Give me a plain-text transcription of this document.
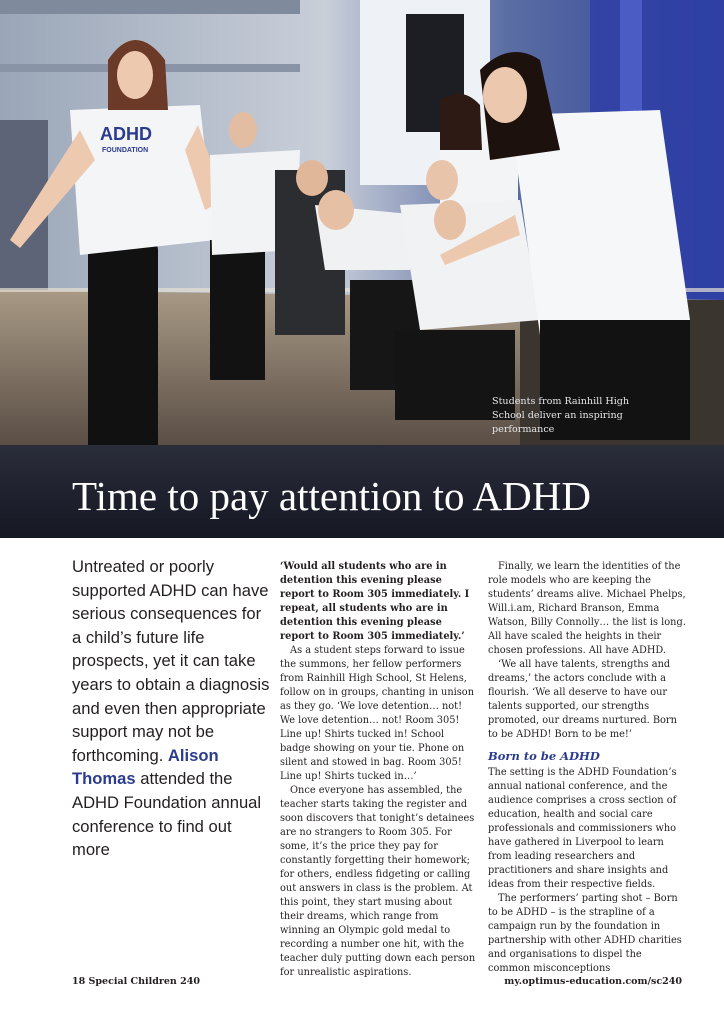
ADHD
FOUNDATION
Students from Rainhill High School deliver an inspiring performance
Time to pay attention to ADHD
Untreated or poorly supported ADHD can have serious consequences for a child’s future life prospects, yet it can take years to obtain a diagnosis and even then appropriate support may not be forthcoming. Alison Thomas attended the ADHD Foundation annual conference to find out more

‘Would all students who are in detention this evening please report to Room 305 immediately. I repeat, all students who are in detention this evening please report to Room 305 immediately.’

As a student steps forward to issue the summons, her fellow performers from Rainhill High School, St Helens, follow on in groups, chanting in unison as they go. ‘We love detention… not! We love detention… not! Room 305! Line up! Shirts tucked in! School badge showing on your tie. Phone on silent and stowed in bag. Room 305! Line up! Shirts tucked in…’

Once everyone has assembled, the teacher starts taking the register and soon discovers that tonight’s detainees are no strangers to Room 305. For some, it’s the price they pay for constantly forgetting their homework; for others, endless fidgeting or calling out answers in class is the problem. At this point, they start musing about their dreams, which range from winning an Olympic gold medal to recording a number one hit, with the teacher duly putting down each person for unrealistic aspirations.

Finally, we learn the identities of the role models who are keeping the students’ dreams alive. Michael Phelps, Will.i.am, Richard Branson, Emma Watson, Billy Connolly… the list is long. All have scaled the heights in their chosen professions. All have ADHD.

‘We all have talents, strengths and dreams,’ the actors conclude with a flourish. ‘We all deserve to have our talents supported, our strengths promoted, our dreams nurtured. Born to be ADHD! Born to be me!’

Born to be ADHD

The setting is the ADHD Foundation’s annual national conference, and the audience comprises a cross section of education, health and social care professionals and commissioners who have gathered in Liverpool to learn from leading researchers and practitioners and share insights and ideas from their respective fields.

The performers’ parting shot – Born to be ADHD – is the strapline of a campaign run by the foundation in partnership with other ADHD charities and organisations to dispel the common misconceptions

18 Special Children 240	my.optimus-education.com/sc240
